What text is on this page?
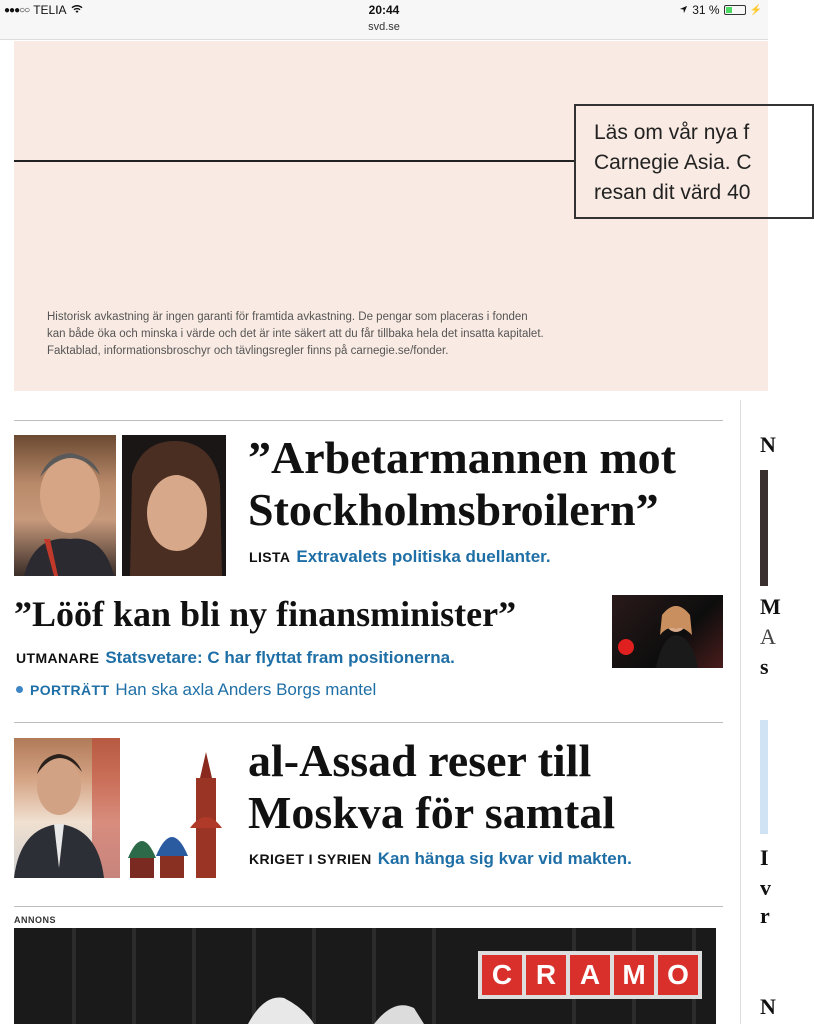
●●●○○ TELIA	20:44
svd.se
31 %	⚡
Läs om vår nya f
Carnegie Asia. C
resan dit värd 40
Historisk avkastning är ingen garanti för framtida avkastning. De pengar som placeras i fonden
kan både öka och minska i värde och det är inte säkert att du får tillbaka hela det insatta kapitalet.
Faktablad, informationsbroschyr och tävlingsregler finns på carnegie.se/fonder.
”Arbetarmannen mot
Stockholmsbroilern”
LISTA Extravalets politiska duellanter.
”Lööf kan bli ny finansminister”
UTMANARE Statsvetare: C har flyttat fram positionerna.
PORTRÄTT Han ska axla Anders Borgs mantel
al-Assad reser till
Moskva för samtal
KRIGET I SYRIEN Kan hänga sig kvar vid makten.
ANNONS
C R A M O
N
M
A
s
I
v
r
N
